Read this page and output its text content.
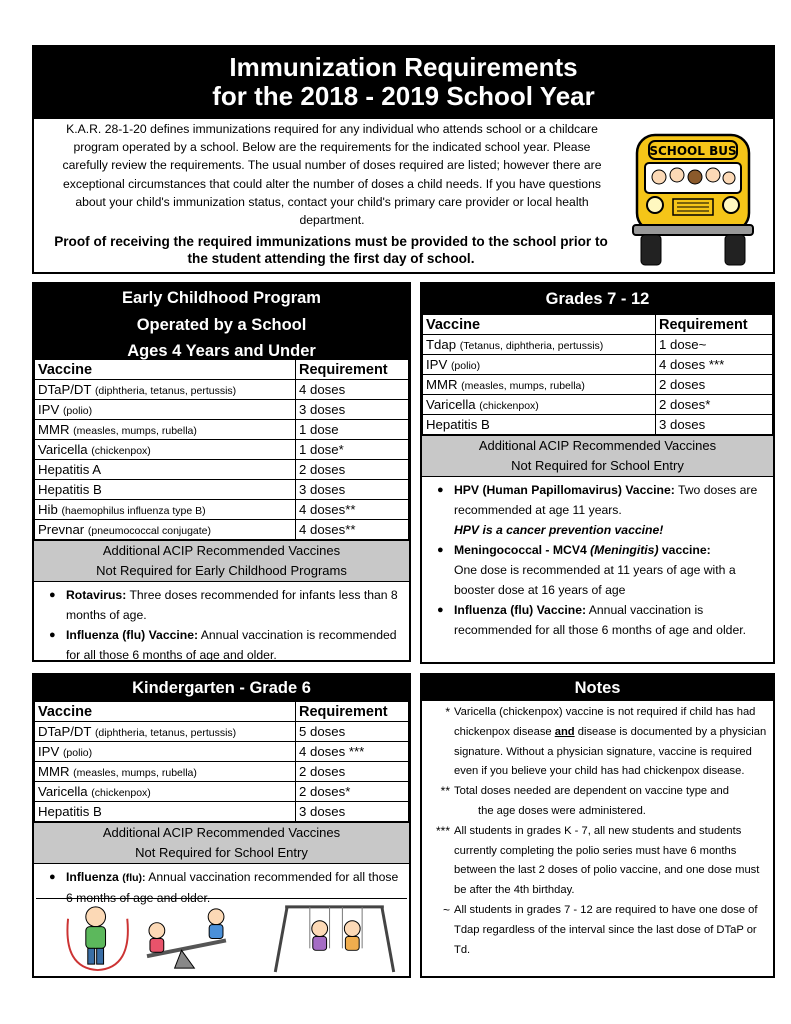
Immunization Requirements
for the 2018 - 2019 School Year
K.A.R. 28-1-20 defines immunizations required for any individual who attends school or a childcare program operated by a school. Below are the requirements for the indicated school year. Please carefully review the requirements. The usual number of doses required are listed; however there are exceptional circumstances that could alter the number of doses a child needs. If you have questions about your child's immunization status, contact your child's primary care provider or local health department.
Proof of receiving the required immunizations must be provided to the school prior to the student attending the first day of school.
SCHOOL BUS
Early Childhood Program
Operated by a School
Ages 4 Years and Under
Vaccine	Requirement
DTaP/DT (diphtheria, tetanus, pertussis)	4 doses
IPV (polio)	3 doses
MMR (measles, mumps, rubella)	1 dose
Varicella (chickenpox)	1 dose*
Hepatitis A	2 doses
Hepatitis B	3 doses
Hib (haemophilus influenza type B)	4 doses**
Prevnar (pneumococcal conjugate)	4 doses**
Additional ACIP Recommended Vaccines
Not Required for Early Childhood Programs
● Rotavirus: Three doses recommended for infants less than 8 months of age.
● Influenza (flu) Vaccine: Annual vaccination is recommended for all those 6 months of age and older.
Grades 7 - 12
Vaccine	Requirement
Tdap (Tetanus, diphtheria, pertussis)	1 dose~
IPV (polio)	4 doses ***
MMR (measles, mumps, rubella)	2 doses
Varicella (chickenpox)	2 doses*
Hepatitis B	3 doses
Additional ACIP Recommended Vaccines
Not Required for School Entry
● HPV (Human Papillomavirus) Vaccine: Two doses are recommended at age 11 years.
HPV is a cancer prevention vaccine!
● Meningococcal - MCV4 (Meningitis) vaccine:
One dose is recommended at 11 years of age with a booster dose at 16 years of age
● Influenza (flu) Vaccine: Annual vaccination is recommended for all those 6 months of age and older.
Kindergarten - Grade 6
Vaccine	Requirement
DTaP/DT (diphtheria, tetanus, pertussis)	5 doses
IPV (polio)	4 doses ***
MMR (measles, mumps, rubella)	2 doses
Varicella (chickenpox)	2 doses*
Hepatitis B	3 doses
Additional ACIP Recommended Vaccines
Not Required for School Entry
● Influenza (flu): Annual vaccination recommended for all those 6 months of age and older.
Notes
* Varicella (chickenpox) vaccine is not required if child has had chickenpox disease and disease is documented by a physician signature. Without a physician signature, vaccine is required even if you believe your child has had chickenpox disease.
** Total doses needed are dependent on vaccine type and
the age doses were administered.
*** All students in grades K - 7, all new students and students currently completing the polio series must have 6 months between the last 2 doses of polio vaccine, and one dose must be after the 4th birthday.
~ All students in grades 7 - 12 are required to have one dose of Tdap regardless of the interval since the last dose of DTaP or Td.
